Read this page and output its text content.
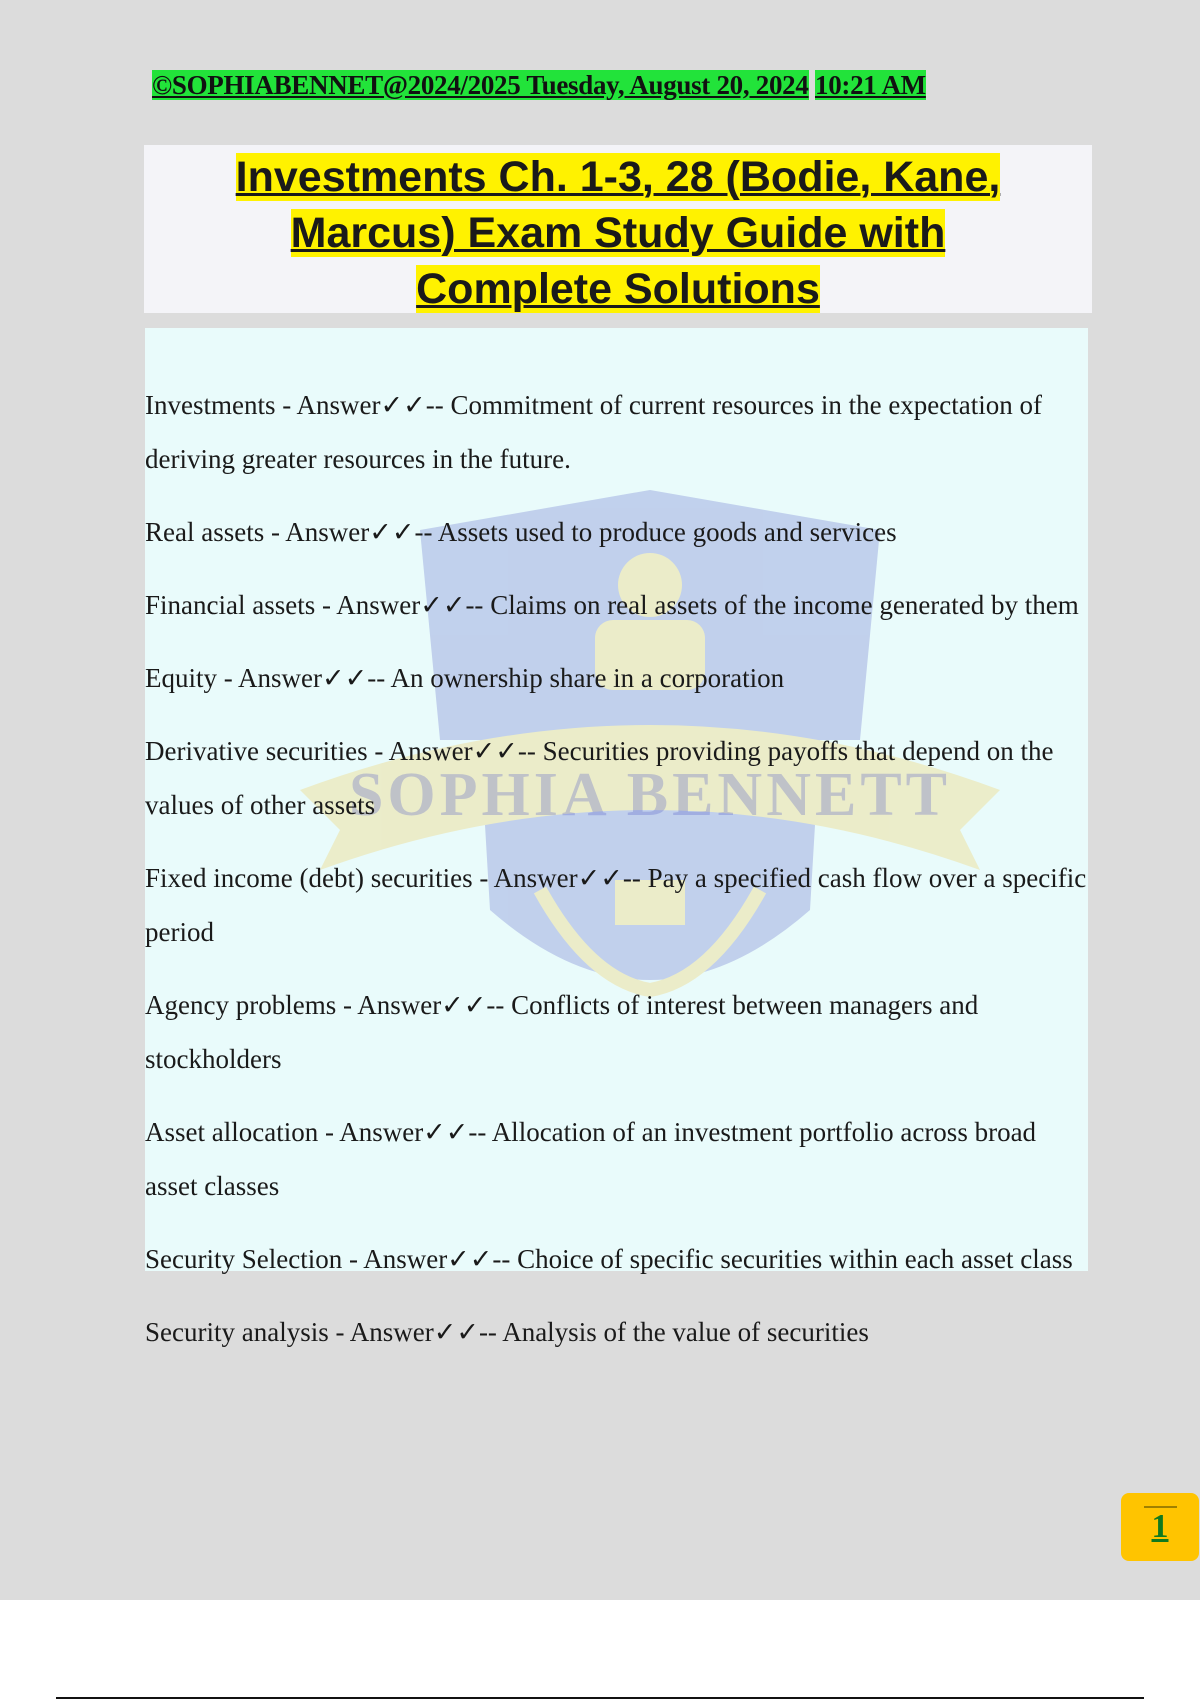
©SOPHIABENNET@2024/2025 Tuesday, August 20, 2024 10:21 AM
Investments Ch. 1-3, 28 (Bodie, Kane,
Marcus) Exam Study Guide with
Complete Solutions
SOPHIA BENNETT
Investments - Answer✓✓-- Commitment of current resources in the expectation of deriving greater resources in the future.
Real assets - Answer✓✓-- Assets used to produce goods and services
Financial assets - Answer✓✓-- Claims on real assets of the income generated by them
Equity - Answer✓✓-- An ownership share in a corporation
Derivative securities - Answer✓✓-- Securities providing payoffs that depend on the values of other assets
Fixed income (debt) securities - Answer✓✓-- Pay a specified cash flow over a specific period
Agency problems - Answer✓✓-- Conflicts of interest between managers and stockholders
Asset allocation - Answer✓✓-- Allocation of an investment portfolio across broad asset classes
Security Selection - Answer✓✓-- Choice of specific securities within each asset class
Security analysis - Answer✓✓-- Analysis of the value of securities
1
